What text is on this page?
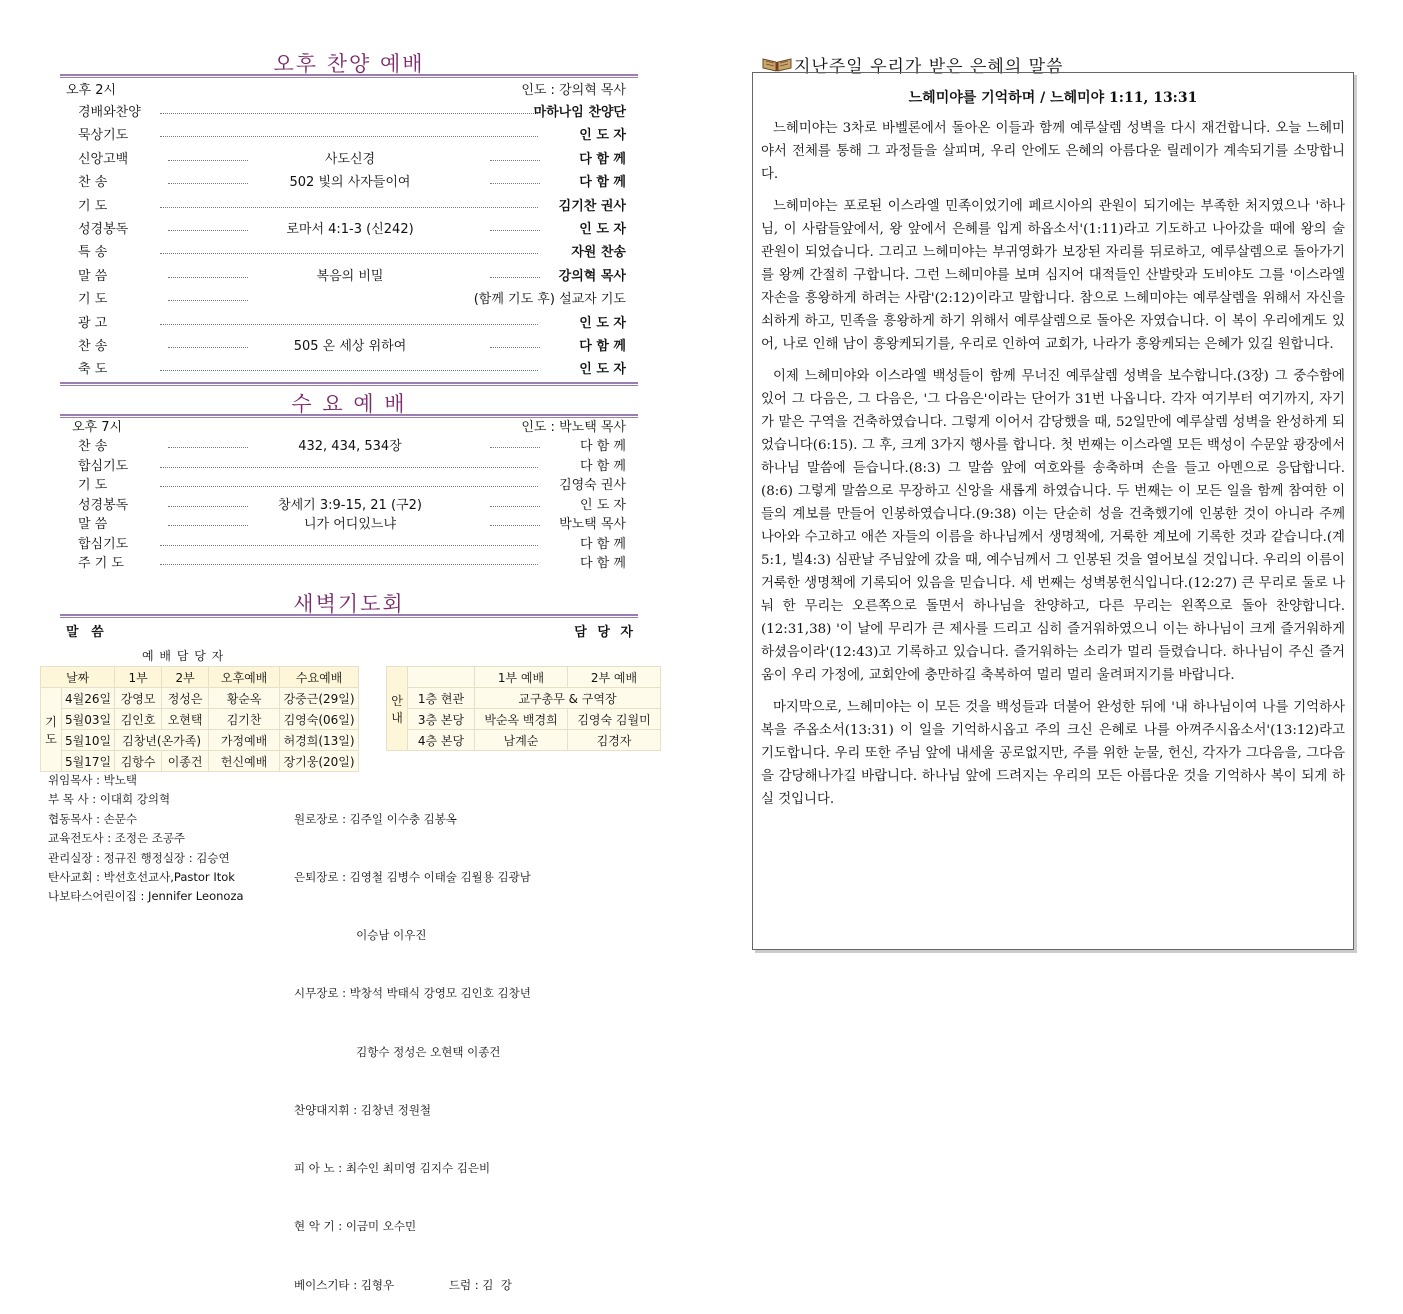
오후 찬양 예배
오후 2시	인도 : 강의혁 목사
경배와찬양	마하나임 찬양단
묵상기도	인 도 자
신앙고백	사도신경	다 함 께
찬 송	502 빛의 사자들이여	다 함 께
기 도	김기찬 권사
성경봉독	로마서 4:1-3 (신242)	인 도 자
특 송	자원 찬송
말 씀	복음의 비밀	강의혁 목사
기 도	(함께 기도 후) 설교자 기도
광 고	인 도 자
찬 송	505 온 세상 위하여	다 함 께
축 도	인 도 자
수 요 예 배
오후 7시	인도 : 박노택 목사
찬 송	432, 434, 534장	다 함 께
합심기도	다 함 께
기 도	김영숙 권사
성경봉독	창세기 3:9-15, 21 (구2)	인 도 자
말 씀	니가 어디있느냐	박노택 목사
합심기도	다 함 께
주 기 도	다 함 께
새벽기도회
말 씀	담 당 자
예 배 담 당 자
날짜		1부	2부	오후예배	수요예배
기 도	4월26일	강영모	정성은	황순옥	강중근(29일)
	5월03일	김인호	오현택	김기찬	김영숙(06일)
	5월10일	김창년(온가족)		가정예배	허경희(13일)
	5월17일	김항수	이종건	헌신예배	장기웅(20일)
안 내		1부 예배	2부 예배
	1층 현관	교구총무 & 구역장	
	3층 본당	박순옥 백경희	김영숙 김월미
	4층 본당	남계순	김경자
위임목사 : 박노택
부 목 사 : 이대희 강의혁
협동목사 : 손문수
교육전도사 : 조정은 조공주
관리실장 : 정규진 행정실장 : 김승연
탄사교회 : 박선호선교사,Pastor Itok
나보타스어린이집 : Jennifer Leonoza

원로장로 : 김주일 이수충 김봉옥

은퇴장로 : 김영철 김병수 이태술 김월용 김광남

이승남 이우진

시무장로 : 박창석 박태식 강영모 김인호 김창년

김항수 정성은 오현택 이종건

찬양대지휘 : 김창년 정원철

피 아 노 : 최수인 최미영 김지수 김은비

현 악 기 : 이금미 오수민

베이스기타 : 김형우               드럼 : 김  강

지난주일 우리가 받은 은혜의 말씀
느헤미야를 기억하며 / 느헤미야 1:11, 13:31

느헤미야는 3차로 바벨론에서 돌아온 이들과 함께 예루살렘 성벽을 다시 재건합니다. 오늘 느헤미야서 전체를 통해 그 과정들을 살피며, 우리 안에도 은혜의 아름다운 릴레이가 계속되기를 소망합니다.

느헤미야는 포로된 이스라엘 민족이었기에 페르시아의 관원이 되기에는 부족한 처지였으나 '하나님, 이 사람들앞에서, 왕 앞에서 은혜를 입게 하옵소서'(1:11)라고 기도하고 나아갔을 때에 왕의 술 관원이 되었습니다. 그리고 느헤미야는 부귀영화가 보장된 자리를 뒤로하고, 예루살렘으로 돌아가기를 왕께 간절히 구합니다. 그런 느헤미야를 보며 심지어 대적들인 산발랏과 도비야도 그를 '이스라엘 자손을 흥왕하게 하려는 사람'(2:12)이라고 말합니다. 참으로 느헤미야는 예루살렘을 위해서 자신을 쇠하게 하고, 민족을 흥왕하게 하기 위해서 예루살렘으로 돌아온 자였습니다. 이 복이 우리에게도 있어, 나로 인해 남이 흥왕케되기를, 우리로 인하여 교회가, 나라가 흥왕케되는 은혜가 있길 원합니다.

이제 느헤미야와 이스라엘 백성들이 함께 무너진 예루살렘 성벽을 보수합니다.(3장) 그 중수함에 있어 그 다음은, 그 다음은, '그 다음은'이라는 단어가 31번 나옵니다. 각자 여기부터 여기까지, 자기가 맡은 구역을 건축하였습니다. 그렇게 이어서 감당했을 때, 52일만에 예루살렘 성벽을 완성하게 되었습니다(6:15). 그 후, 크게 3가지 행사를 합니다. 첫 번째는 이스라엘 모든 백성이 수문앞 광장에서 하나님 말씀에 듣습니다.(8:3) 그 말씀 앞에 여호와를 송축하며 손을 들고 아멘으로 응답합니다.(8:6) 그렇게 말씀으로 무장하고 신앙을 새롭게 하였습니다. 두 번째는 이 모든 일을 함께 참여한 이들의 계보를 만들어 인봉하였습니다.(9:38) 이는 단순히 성을 건축했기에 인봉한 것이 아니라 주께 나아와 수고하고 애쓴 자들의 이름을 하나님께서 생명책에, 거룩한 계보에 기록한 것과 같습니다.(계5:1, 빌4:3) 심판날 주님앞에 갔을 때, 예수님께서 그 인봉된 것을 열어보실 것입니다. 우리의 이름이 거룩한 생명책에 기록되어 있음을 믿습니다. 세 번째는 성벽봉헌식입니다.(12:27) 큰 무리로 둘로 나눠 한 무리는 오른쪽으로 돌면서 하나님을 찬양하고, 다른 무리는 왼쪽으로 돌아 찬양합니다.(12:31,38) '이 날에 무리가 큰 제사를 드리고 심히 즐거워하였으니 이는 하나님이 크게 즐거워하게 하셨음이라'(12:43)고 기록하고 있습니다. 즐거워하는 소리가 멀리 들렸습니다. 하나님이 주신 즐거움이 우리 가정에, 교회안에 충만하길 축복하여 멀리 멀리 울려퍼지기를 바랍니다.

마지막으로, 느헤미야는 이 모든 것을 백성들과 더불어 완성한 뒤에 '내 하나님이여 나를 기억하사 복을 주옵소서(13:31) 이 일을 기억하시옵고 주의 크신 은혜로 나를 아껴주시옵소서'(13:12)라고 기도합니다. 우리 또한 주님 앞에 내세울 공로없지만, 주를 위한 눈물, 헌신, 각자가 그다음을, 그다음을 감당해나가길 바랍니다. 하나님 앞에 드려지는 우리의 모든 아름다운 것을 기억하사 복이 되게 하실 것입니다.
